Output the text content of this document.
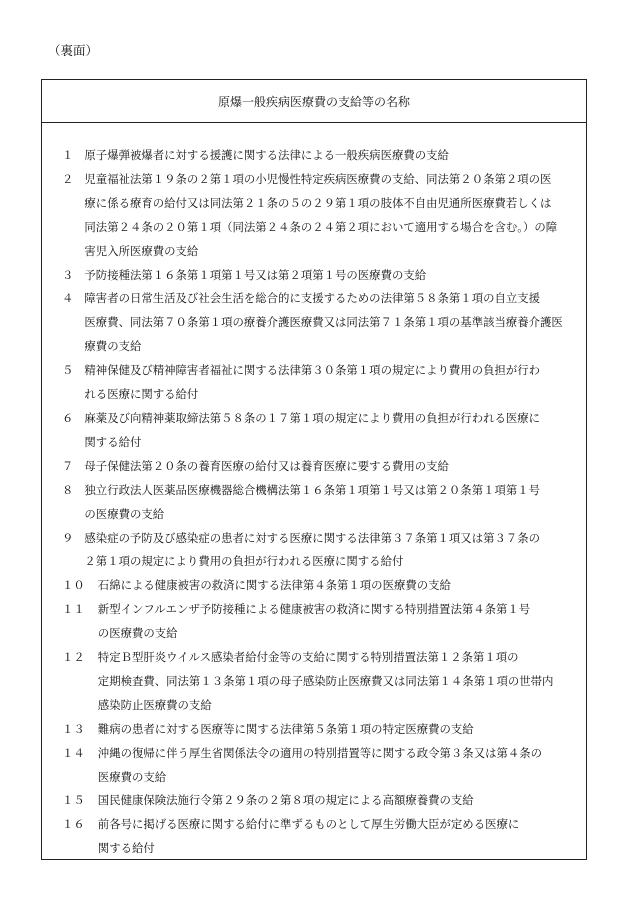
（裏面）
原爆一般疾病医療費の支給等の名称
１ 原子爆弾被爆者に対する援護に関する法律による一般疾病医療費の支給
２ 児童福祉法第１９条の２第１項の小児慢性特定疾病医療費の支給、同法第２０条第２項の医
療に係る療育の給付又は同法第２１条の５の２９第１項の肢体不自由児通所医療費若しくは
同法第２４条の２０第１項（同法第２４条の２４第２項において適用する場合を含む。）の障
害児入所医療費の支給
３ 予防接種法第１６条第１項第１号又は第２項第１号の医療費の支給
４ 障害者の日常生活及び社会生活を総合的に支援するための法律第５８条第１項の自立支援
医療費、同法第７０条第１項の療養介護医療費又は同法第７１条第１項の基準該当療養介護医
療費の支給
５ 精神保健及び精神障害者福祉に関する法律第３０条第１項の規定により費用の負担が行わ
れる医療に関する給付
６ 麻薬及び向精神薬取締法第５８条の１７第１項の規定により費用の負担が行われる医療に
関する給付
７ 母子保健法第２０条の養育医療の給付又は養育医療に要する費用の支給
８ 独立行政法人医薬品医療機器総合機構法第１６条第１項第１号又は第２０条第１項第１号
の医療費の支給
９ 感染症の予防及び感染症の患者に対する医療に関する法律第３７条第１項又は第３７条の
２第１項の規定により費用の負担が行われる医療に関する給付
１０	石綿による健康被害の救済に関する法律第４条第１項の医療費の支給
１１	新型インフルエンザ予防接種による健康被害の救済に関する特別措置法第４条第１号
の医療費の支給
１２	特定Ｂ型肝炎ウイルス感染者給付金等の支給に関する特別措置法第１２条第１項の
定期検査費、同法第１３条第１項の母子感染防止医療費又は同法第１４条第１項の世帯内
感染防止医療費の支給
１３	難病の患者に対する医療等に関する法律第５条第１項の特定医療費の支給
１４	沖縄の復帰に伴う厚生省関係法令の適用の特別措置等に関する政令第３条又は第４条の
医療費の支給
１５	国民健康保険法施行令第２９条の２第８項の規定による高額療養費の支給
１６	前各号に掲げる医療に関する給付に準ずるものとして厚生労働大臣が定める医療に
関する給付
